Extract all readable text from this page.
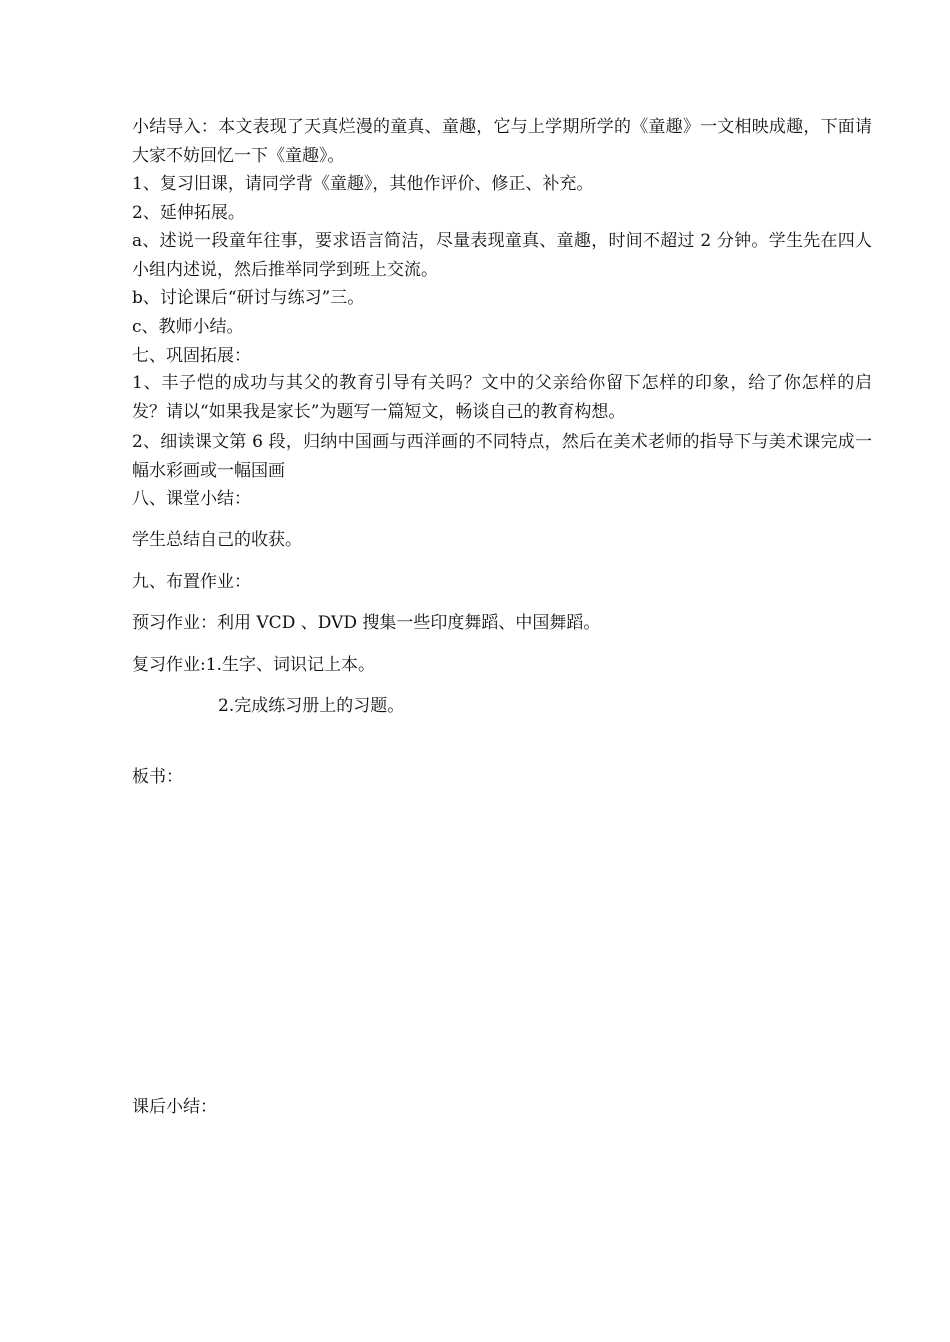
小结导入：本文表现了天真烂漫的童真、童趣，它与上学期所学的《童趣》一文相映成趣，下面请大家不妨回忆一下《童趣》。
1、复习旧课，请同学背《童趣》，其他作评价、修正、补充。
2、延伸拓展。
a、述说一段童年往事，要求语言简洁，尽量表现童真、童趣，时间不超过 2 分钟。学生先在四人小组内述说，然后推举同学到班上交流。
b、讨论课后“研讨与练习”三。
c、教师小结。
七、巩固拓展：
1、丰子恺的成功与其父的教育引导有关吗？文中的父亲给你留下怎样的印象，给了你怎样的启发？请以“如果我是家长”为题写一篇短文，畅谈自己的教育构想。
2、细读课文第 6 段，归纳中国画与西洋画的不同特点，然后在美术老师的指导下与美术课完成一幅水彩画或一幅国画
八、课堂小结：
学生总结自己的收获。
九、布置作业：
预习作业：利用 VCD 、DVD 搜集一些印度舞蹈、中国舞蹈。
复习作业:1.生字、词识记上本。
2.完成练习册上的习题。
板书：
课后小结：
